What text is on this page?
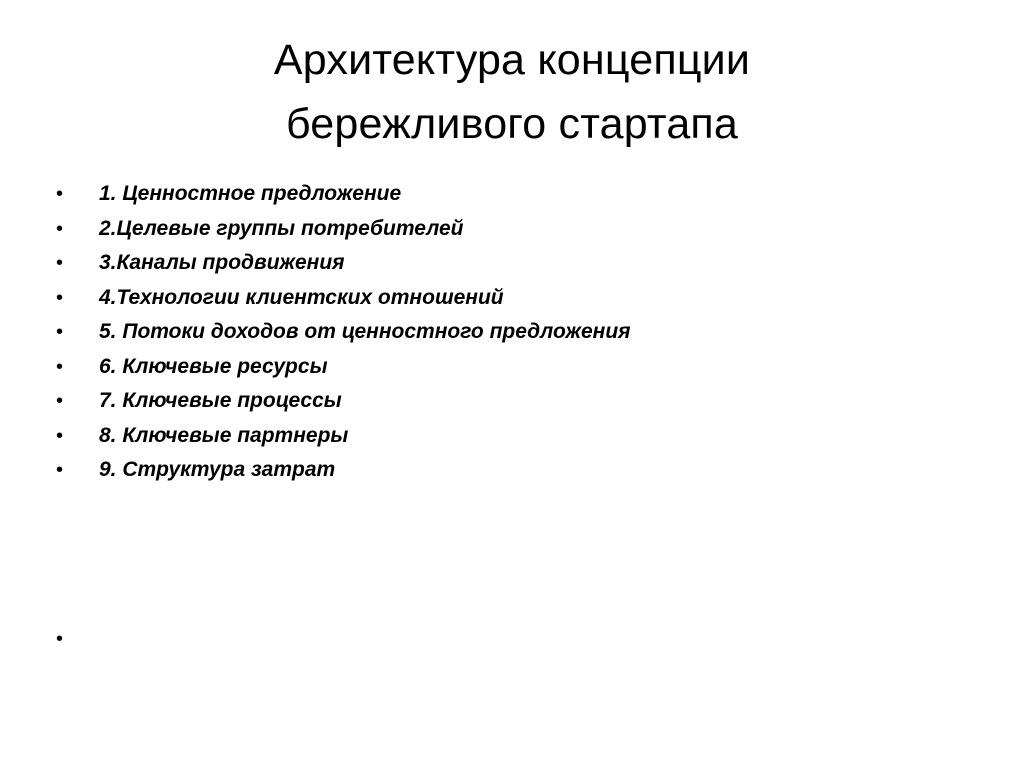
Архитектура концепции
бережливого стартапа
•	1. Ценностное предложение
•	2.Целевые группы потребителей
•	3.Каналы продвижения
•	4.Технологии клиентских отношений
•	5. Потоки доходов от ценностного предложения
•	6. Ключевые ресурсы
•	7. Ключевые процессы
•	8. Ключевые партнеры
•	9. Структура затрат
•
